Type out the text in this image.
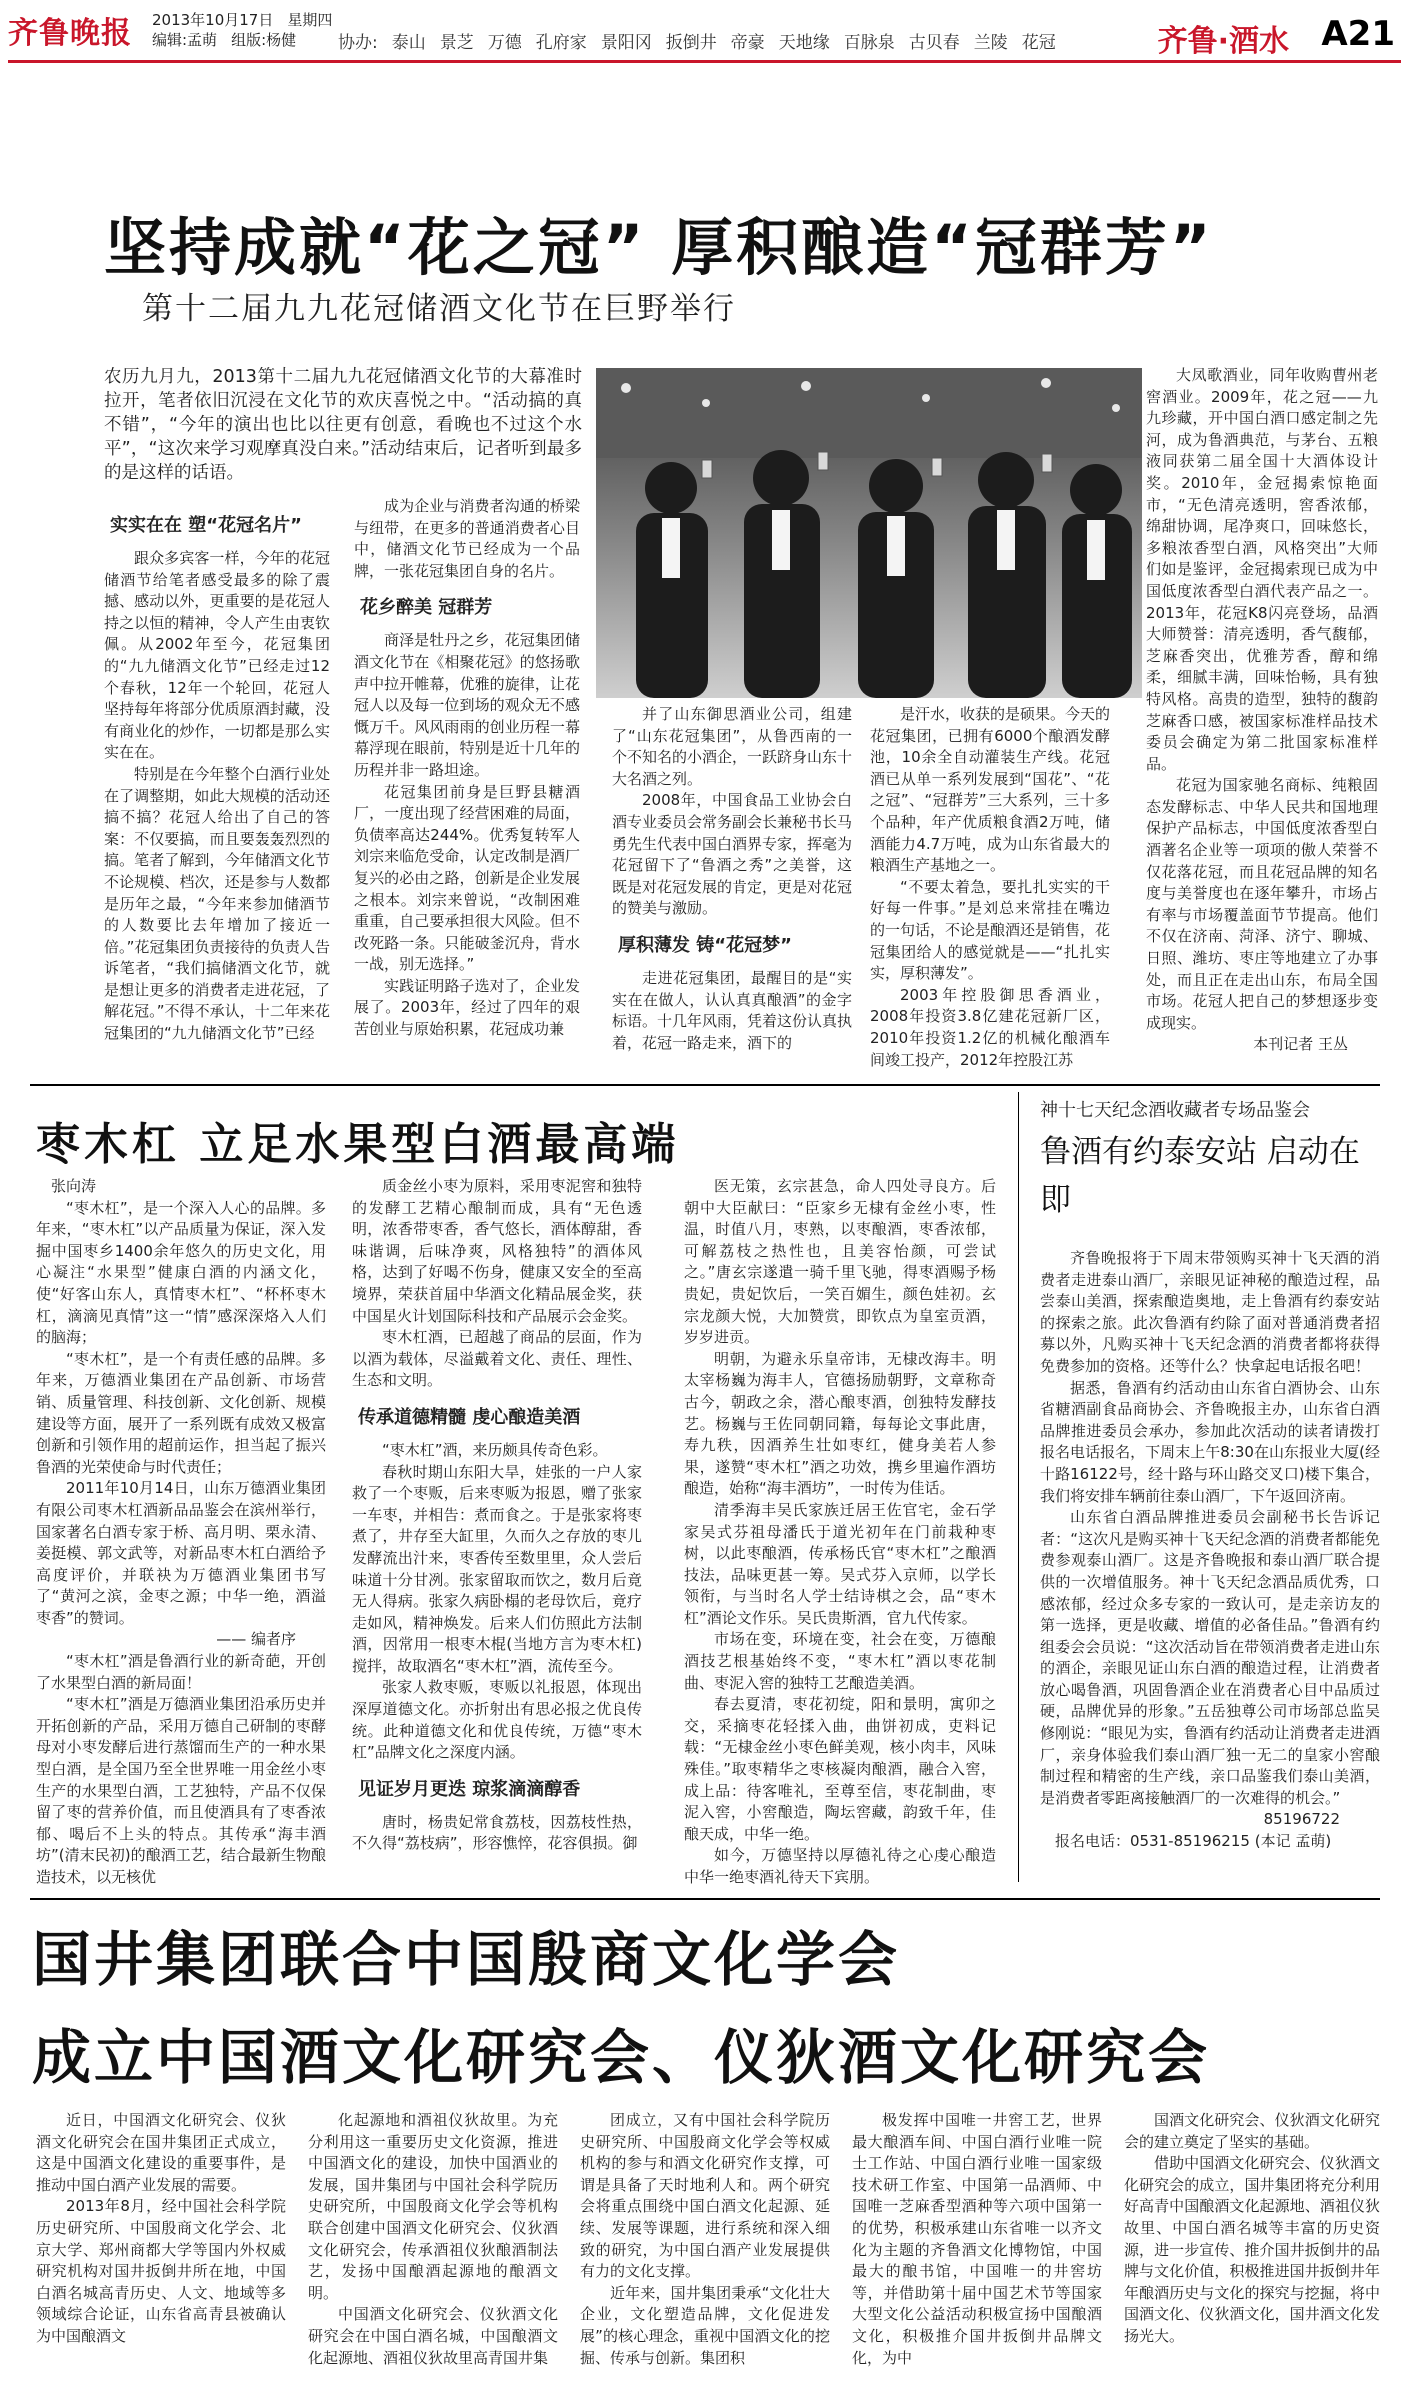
齐鲁晚报 2013年10月17日 星期四
编辑:孟萌 组版:杨健	协办: 泰山 景芝 万德 孔府家 景阳冈 扳倒井 帝豪 天地缘 百脉泉 古贝春 兰陵 花冠	齐鲁·酒水 A21
坚持成就“花之冠” 厚积酿造“冠群芳”
第十二届九九花冠储酒文化节在巨野举行
农历九月九，2013第十二届九九花冠储酒文化节的大幕准时拉开，笔者依旧沉浸在文化节的欢庆喜悦之中。“活动搞的真不错”，“今年的演出也比以往更有创意，看晚也不过这个水平”，“这次来学习观摩真没白来。”活动结束后，记者听到最多的是这样的话语。
实实在在 塑“花冠名片”

跟众多宾客一样，今年的花冠储酒节给笔者感受最多的除了震撼、感动以外，更重要的是花冠人持之以恒的精神，令人产生由衷钦佩。从2002年至今，花冠集团的“九九储酒文化节”已经走过12个春秋，12年一个轮回，花冠人坚持每年将部分优质原酒封藏，没有商业化的炒作，一切都是那么实实在在。

特别是在今年整个白酒行业处在了调整期，如此大规模的活动还搞不搞？花冠人给出了自己的答案：不仅要搞，而且要轰轰烈烈的搞。笔者了解到，今年储酒文化节不论规模、档次，还是参与人数都是历年之最，“今年来参加储酒节的人数要比去年增加了接近一倍。”花冠集团负责接待的负责人告诉笔者，“我们搞储酒文化节，就是想让更多的消费者走进花冠，了解花冠。”不得不承认，十二年来花冠集团的“九九储酒文化节”已经

成为企业与消费者沟通的桥梁与纽带，在更多的普通消费者心目中，储酒文化节已经成为一个品牌，一张花冠集团自身的名片。

花乡醉美 冠群芳

商泽是牡丹之乡，花冠集团储酒文化节在《相聚花冠》的悠扬歌声中拉开帷幕，优雅的旋律，让花冠人以及每一位到场的观众无不感慨万千。风风雨雨的创业历程一幕幕浮现在眼前，特别是近十几年的历程并非一路坦途。

花冠集团前身是巨野县糖酒厂，一度出现了经营困难的局面，负债率高达244%。优秀复转军人刘宗来临危受命，认定改制是酒厂复兴的必由之路，创新是企业发展之根本。刘宗来曾说，“改制困难重重，自己要承担很大风险。但不改死路一条。只能破釜沉舟，背水一战，别无选择。”

实践证明路子选对了，企业发展了。2003年，经过了四年的艰苦创业与原始积累，花冠成功兼

并了山东御思酒业公司，组建了“山东花冠集团”，从鲁西南的一个不知名的小酒企，一跃跻身山东十大名酒之列。

2008年，中国食品工业协会白酒专业委员会常务副会长兼秘书长马勇先生代表中国白酒界专家，挥毫为花冠留下了“鲁酒之秀”之美誉，这既是对花冠发展的肯定，更是对花冠的赞美与激励。

厚积薄发 铸“花冠梦”

走进花冠集团，最醒目的是“实实在在做人，认认真真酿酒”的金字标语。十几年风雨，凭着这份认真执着，花冠一路走来，酒下的

是汗水，收获的是硕果。今天的花冠集团，已拥有6000个酿酒发酵池，10余全自动灌装生产线。花冠酒已从单一系列发展到“国花”、“花之冠”、“冠群芳”三大系列，三十多个品种，年产优质粮食酒2万吨，储酒能力4.7万吨，成为山东省最大的粮酒生产基地之一。

“不要太着急，要扎扎实实的干好每一件事。”是刘总来常挂在嘴边的一句话，不论是酿酒还是销售，花冠集团给人的感觉就是——“扎扎实实，厚积薄发”。

2003年控股御思香酒业，2008年投资3.8亿建花冠新厂区，2010年投资1.2亿的机械化酿酒车间竣工投产，2012年控股江苏

大凤歌酒业，同年收购曹州老窖酒业。2009年，花之冠——九九珍藏，开中国白酒口感定制之先河，成为鲁酒典范，与茅台、五粮液同获第二届全国十大酒体设计奖。2010年，金冠揭索惊艳面市，“无色清亮透明，窖香浓郁，绵甜协调，尾净爽口，回味悠长，多粮浓香型白酒，风格突出”大师们如是鉴评，金冠揭索现已成为中国低度浓香型白酒代表产品之一。2013年，花冠K8闪亮登场，品酒大师赞誉：清亮透明，香气馥郁，芝麻香突出，优雅芳香，醇和绵柔，细腻丰满，回味怡畅，具有独特风格。高贵的造型，独特的馥韵芝麻香口感，被国家标准样品技术委员会确定为第二批国家标准样品。

花冠为国家驰名商标、纯粮固态发酵标志、中华人民共和国地理保护产品标志，中国低度浓香型白酒著名企业等一项项的傲人荣誉不仅花落花冠，而且花冠品牌的知名度与美誉度也在逐年攀升，市场占有率与市场覆盖面节节提高。他们不仅在济南、菏泽、济宁、聊城、日照、潍坊、枣庄等地建立了办事处，而且正在走出山东，布局全国市场。花冠人把自己的梦想逐步变成现实。

本刊记者 王丛

枣木杠 立足水果型白酒最高端

张向涛

“枣木杠”，是一个深入人心的品牌。多年来，“枣木杠”以产品质量为保证，深入发掘中国枣乡1400余年悠久的历史文化，用心凝注“水果型”健康白酒的内涵文化，使“好客山东人，真情枣木杠”、“杯杯枣木杠，滴滴见真情”这一“情”感深深烙入人们的脑海；

“枣木杠”，是一个有责任感的品牌。多年来，万德酒业集团在产品创新、市场营销、质量管理、科技创新、文化创新、规模建设等方面，展开了一系列既有成效又极富创新和引领作用的超前运作，担当起了振兴鲁酒的光荣使命与时代责任；

2011年10月14日，山东万德酒业集团有限公司枣木杠酒新品品鉴会在滨州举行，国家著名白酒专家于桥、高月明、栗永清、姜挺模、郭文武等，对新品枣木杠白酒给予高度评价，并联袂为万德酒业集团书写了“黄河之滨，金枣之源；中华一绝，酒溢枣香”的赞词。

—— 编者序

“枣木杠”酒是鲁酒行业的新奇葩，开创了水果型白酒的新局面！

“枣木杠”酒是万德酒业集团沿承历史并开拓创新的产品，采用万德自己研制的枣酵母对小枣发酵后进行蒸馏而生产的一种水果型白酒，是全国乃至全世界唯一用金丝小枣生产的水果型白酒，工艺独特，产品不仅保留了枣的营养价值，而且使酒具有了枣香浓郁、喝后不上头的特点。其传承“海丰酒坊”(清末民初)的酿酒工艺，结合最新生物酿造技术，以无核优

质金丝小枣为原料，采用枣泥窖和独特的发酵工艺精心酿制而成，具有“无色透明，浓香带枣香，香气悠长，酒体醇甜，香味谐调，后味净爽，风格独特”的酒体风格，达到了好喝不伤身，健康又安全的至高境界，荣获首届中华酒文化精品展金奖，获中国星火计划国际科技和产品展示会金奖。

枣木杠酒，已超越了商品的层面，作为以酒为载体，尽溢戴着文化、责任、理性、生态和文明。

传承道德精髓 虔心酿造美酒

“枣木杠”酒，来历颇具传奇色彩。

春秋时期山东阳大旱，娃张的一户人家救了一个枣贩，后来枣贩为报恩，赠了张家一车枣，并相告：煮而食之。于是张家将枣煮了，井存至大缸里，久而久之存放的枣儿发酵流出汁来，枣香传至数里里，众人尝后味道十分甘冽。张家留取而饮之，数月后竟无人得病。张家久病卧榻的老母饮后，竟疗走如风，精神焕发。后来人们仿照此方法制酒，因常用一根枣木棍(当地方言为枣木杠)搅拌，故取酒名“枣木杠”酒，流传至今。

张家人救枣贩，枣贩以礼报恩，体现出深厚道德文化。亦折射出有思必报之优良传统。此种道德文化和优良传统，万德“枣木杠”品牌文化之深度内涵。

见证岁月更迭 琼浆滴滴醇香

唐时，杨贵妃常食荔枝，因荔枝性热，不久得“荔枝病”，形容憔悴，花容俱损。御

医无策，玄宗甚急，命人四处寻良方。后朝中大臣献曰：“臣家乡无棣有金丝小枣，性温，时值八月，枣熟，以枣酿酒，枣香浓郁，可解荔枝之热性也，且美容怡颜，可尝试之。”唐玄宗遂遣一骑千里飞驰，得枣酒赐予杨贵妃，贵妃饮后，一笑百媚生，颜色娃初。玄宗龙颜大悦，大加赞赏，即钦点为皇室贡酒，岁岁进贡。

明朝，为避永乐皇帝讳，无棣改海丰。明太宰杨巍为海丰人，官德扬励朝野，文章称奇古今，朝政之余，潜心酿枣酒，创独特发酵技艺。杨巍与王佐同朝同籍，每每论文事此唐，寿九秩，因酒养生壮如枣红，健身美若人参果，遂赞“枣木杠”酒之功效，携乡里遍作酒坊酿造，始称“海丰酒坊”，一时传为佳话。

清季海丰吴氏家族迁居王佐官宅，金石学家吴式芬祖母潘氏于道光初年在门前栽种枣树，以此枣酿酒，传承杨氏官“枣木杠”之酿酒技法，品味更甚一筹。吴式芬入京师，以学长领衔，与当时名人学士结诗棋之会，品“枣木杠”酒论文作乐。吴氏贵斯酒，官九代传家。

市场在变，环境在变，社会在变，万德酿酒技艺根基始终不变，“枣木杠”酒以枣花制曲、枣泥入窖的独特工艺酿造美酒。

春去夏清，枣花初绽，阳和景明，寓卯之交，采摘枣花轻揉入曲，曲饼初成，吏料记载：“无棣金丝小枣色鲜美观，核小肉丰，风味殊佳。”取枣精华之枣核凝肉酿酒，融合入窖，成上品：待客唯礼，至尊至信，枣花制曲，枣泥入窖，小窖酿造，陶坛窖藏，韵致千年，佳酿天成，中华一绝。

如今，万德坚持以厚德礼待之心虔心酿造中华一绝枣酒礼待天下宾朋。

神十七天纪念酒收藏者专场品鉴会
鲁酒有约泰安站 启动在即

齐鲁晚报将于下周末带领购买神十飞天酒的消费者走进泰山酒厂，亲眼见证神秘的酿造过程，品尝泰山美酒，探索酿造奥地，走上鲁酒有约泰安站的探索之旅。此次鲁酒有约除了面对普通消费者招募以外，凡购买神十飞天纪念酒的消费者都将获得免费参加的资格。还等什么？快拿起电话报名吧！

据悉，鲁酒有约活动由山东省白酒协会、山东省糖酒副食品商协会、齐鲁晚报主办，山东省白酒品牌推进委员会承办，参加此次活动的读者请拨打报名电话报名，下周末上午8:30在山东报业大厦(经十路16122号，经十路与环山路交叉口)楼下集合，我们将安排车辆前往泰山酒厂，下午返回济南。

山东省白酒品牌推进委员会副秘书长告诉记者：“这次凡是购买神十飞天纪念酒的消费者都能免费参观泰山酒厂。这是齐鲁晚报和泰山酒厂联合提供的一次增值服务。神十飞天纪念酒品质优秀，口感浓郁，经过众多专家的一致认可，是走亲访友的第一选择，更是收藏、增值的必备佳品。”鲁酒有约组委会会员说：“这次活动旨在带领消费者走进山东的酒企，亲眼见证山东白酒的酿造过程，让消费者放心喝鲁酒，巩固鲁酒企业在消费者心目中品质过硬，品牌优异的形象。”五岳独尊公司市场部总监吴修刚说：“眼见为实，鲁酒有约活动让消费者走进酒厂，亲身体验我们泰山酒厂独一无二的皇家小窖酿制过程和精密的生产线，亲口品鉴我们泰山美酒，是消费者零距离接触酒厂的一次难得的机会。”

85196722

报名电话：0531-85196215 (本记 孟萌)

国井集团联合中国殷商文化学会
成立中国酒文化研究会、仪狄酒文化研究会

近日，中国酒文化研究会、仪狄酒文化研究会在国井集团正式成立，这是中国酒文化建设的重要事件，是推动中国白酒产业发展的需要。

2013年8月，经中国社会科学院历史研究所、中国殷商文化学会、北京大学、郑州商都大学等国内外权威研究机构对国井扳倒井所在地，中国白酒名城高青历史、人文、地域等多领域综合论证，山东省高青县被确认为中国酿酒文

化起源地和酒祖仪狄故里。为充分利用这一重要历史文化资源，推进中国酒文化的建设，加快中国酒业的发展，国井集团与中国社会科学院历史研究所，中国殷商文化学会等机构联合创建中国酒文化研究会、仪狄酒文化研究会，传承酒祖仪狄酿酒制法艺，发扬中国酿酒起源地的酿酒文明。

中国酒文化研究会、仪狄酒文化研究会在中国白酒名城，中国酿酒文化起源地、酒祖仪狄故里高青国井集

团成立，又有中国社会科学院历史研究所、中国殷商文化学会等权威机构的参与和酒文化研究作支撑，可谓是具备了天时地利人和。两个研究会将重点围绕中国白酒文化起源、延续、发展等课题，进行系统和深入细致的研究，为中国白酒产业发展提供有力的文化支撑。

近年来，国井集团秉承“文化壮大企业，文化塑造品牌，文化促进发展”的核心理念，重视中国酒文化的挖掘、传承与创新。集团积

极发挥中国唯一井窖工艺，世界最大酿酒车间、中国白酒行业唯一院士工作站、中国白酒行业唯一国家级技术研工作室、中国第一品酒师、中国唯一芝麻香型酒种等六项中国第一的优势，积极承建山东省唯一以齐文化为主题的齐鲁酒文化博物馆，中国最大的酿书馆，中国唯一的井窖坊等，并借助第十届中国艺术节等国家大型文化公益活动积极宣扬中国酿酒文化，积极推介国井扳倒井品牌文化，为中

国酒文化研究会、仪狄酒文化研究会的建立奠定了坚实的基础。

借助中国酒文化研究会、仪狄酒文化研究会的成立，国井集团将充分利用好高青中国酿酒文化起源地、酒祖仪狄故里、中国白酒名城等丰富的历史资源，进一步宣传、推介国井扳倒井的品牌与文化价值，积极推进国井扳倒井年年酿酒历史与文化的探究与挖掘，将中国酒文化、仪狄酒文化，国井酒文化发扬光大。
